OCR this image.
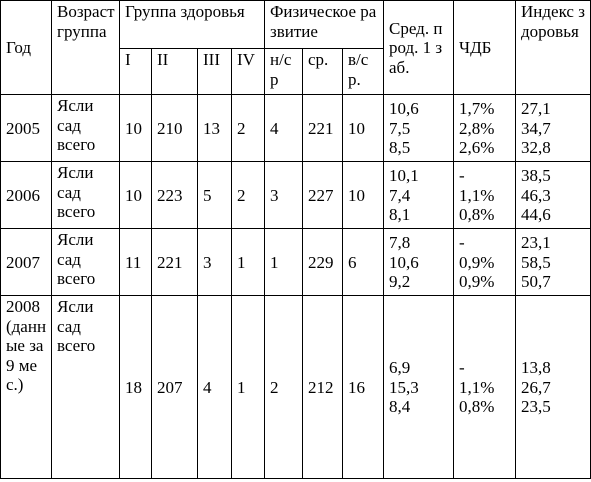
Год	Возраст группа	Группа здоровья				Физическое развитие			Сред. прод. 1 заб.	ЧДБ	Индекс здоровья
		I	II	III	IV	н/ср	ср.	в/ср.			
2005	Ясли
сад
всего	10	210	13	2	4	221	10	10,6
7,5
8,5	1,7%
2,8%
2,6%	27,1
34,7
32,8
2006	Ясли
сад
всего	10	223	5	2	3	227	10	10,1
7,4
8,1	-
1,1%
0,8%	38,5
46,3
44,6
2007	Ясли
сад
всего	11	221	3	1	1	229	6	7,8
10,6
9,2	-
0,9%
0,9%	23,1
58,5
50,7
2008 (данные за 9 мес.)	Ясли
сад
всего	18	207	4	1	2	212	16	6,9
15,3
8,4	-
1,1%
0,8%	13,8
26,7
23,5
